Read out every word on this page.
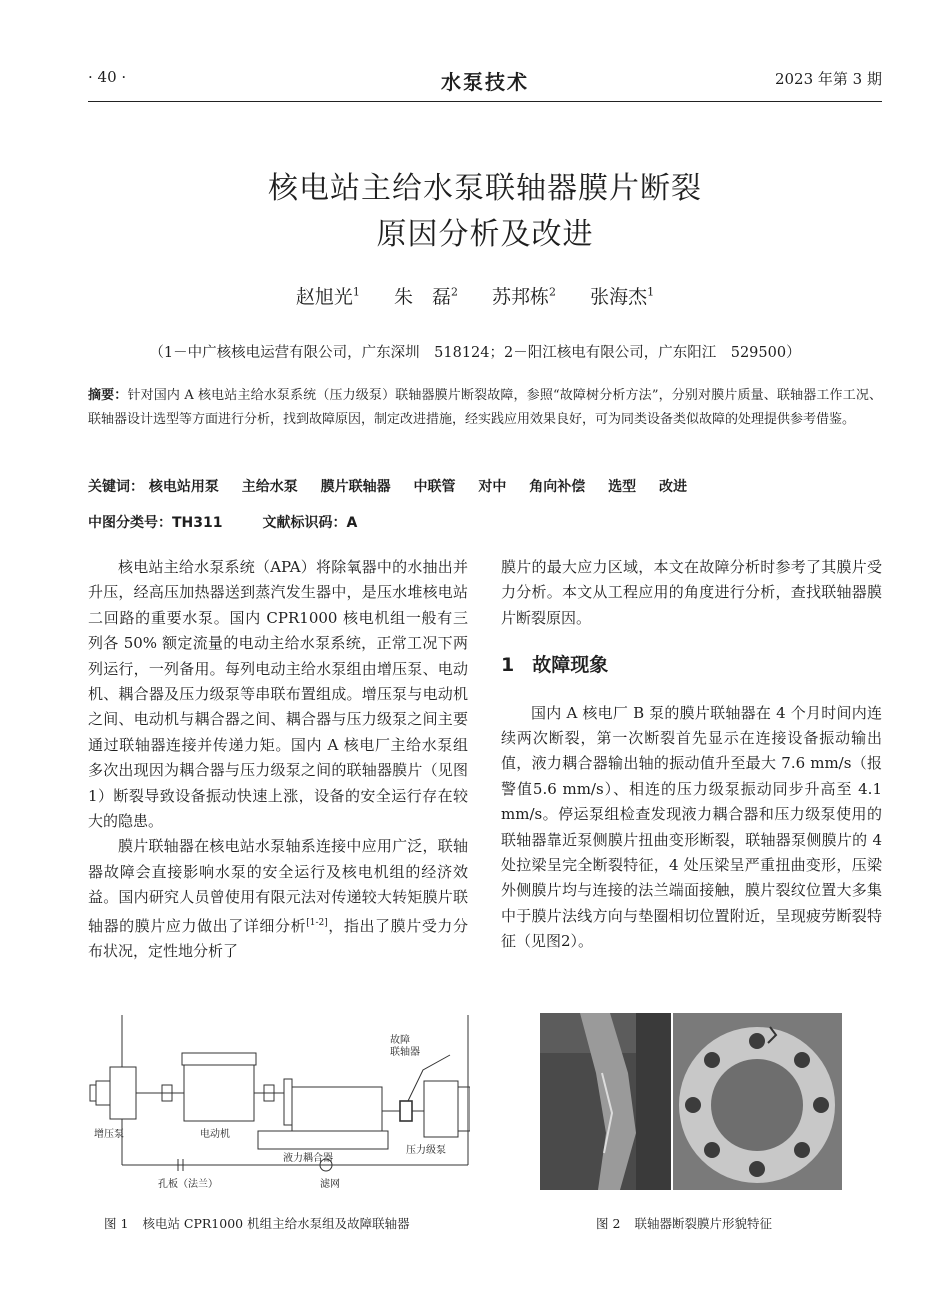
· 40 ·	水泵技术	2023 年第 3 期
核电站主给水泵联轴器膜片断裂
原因分析及改进
赵旭光$^1$ 朱　磊$^2$ 苏邦栋$^2$ 张海杰$^1$
（1－中广核核电运营有限公司，广东深圳　518124；2－阳江核电有限公司，广东阳江　529500）
摘要：针对国内 A 核电站主给水泵系统（压力级泵）联轴器膜片断裂故障，参照“故障树分析方法”，分别对膜片质量、联轴器工作工况、联轴器设计选型等方面进行分析，找到故障原因，制定改进措施，经实践应用效果良好，可为同类设备类似故障的处理提供参考借鉴。
关键词： 核电站用泵 主给水泵 膜片联轴器 中联管 对中 角向补偿 选型 改进
中图分类号：TH311	文献标识码：A

核电站主给水泵系统（APA）将除氧器中的水抽出并升压，经高压加热器送到蒸汽发生器中，是压水堆核电站二回路的重要水泵。国内 CPR1000 核电机组一般有三列各 50% 额定流量的电动主给水泵系统，正常工况下两列运行，一列备用。每列电动主给水泵组由增压泵、电动机、耦合器及压力级泵等串联布置组成。增压泵与电动机之间、电动机与耦合器之间、耦合器与压力级泵之间主要通过联轴器连接并传递力矩。国内 A 核电厂主给水泵组多次出现因为耦合器与压力级泵之间的联轴器膜片（见图1）断裂导致设备振动快速上涨，设备的安全运行存在较大的隐患。

膜片联轴器在核电站水泵轴系连接中应用广泛，联轴器故障会直接影响水泵的安全运行及核电机组的经济效益。国内研究人员曾使用有限元法对传递较大转矩膜片联轴器的膜片应力做出了详细分析[1-2]，指出了膜片受力分布状况，定性地分析了

膜片的最大应力区域，本文在故障分析时参考了其膜片受力分析。本文从工程应用的角度进行分析，查找联轴器膜片断裂原因。

1 故障现象

国内 A 核电厂 B 泵的膜片联轴器在 4 个月时间内连续两次断裂，第一次断裂首先显示在连接设备振动输出值，液力耦合器输出轴的振动值升至最大 7.6 mm/s（报警值5.6 mm/s）、相连的压力级泵振动同步升高至 4.1 mm/s。停运泵组检查发现液力耦合器和压力级泵使用的联轴器靠近泵侧膜片扭曲变形断裂，联轴器泵侧膜片的 4 处拉梁呈完全断裂特征，4 处压梁呈严重扭曲变形，压梁外侧膜片均与连接的法兰端面接触，膜片裂纹位置大多集中于膜片法线方向与垫圈相切位置附近，呈现疲劳断裂特征（见图2）。

增压泵	电动机
液力耦合器
压力级泵
故障
联轴器
孔板（法兰）	滤网
图 1 核电站 CPR1000 机组主给水泵组及故障联轴器	图 2 联轴器断裂膜片形貌特征
